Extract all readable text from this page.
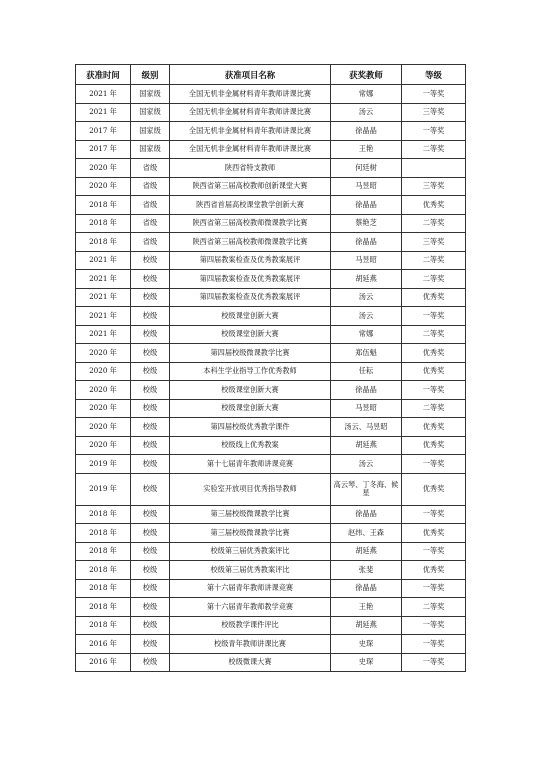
获准时间	级别	获准项目名称	获奖教师	等级
2021 年	国家级	全国无机非金属材料青年教师讲课比赛	常娜	一等奖
2021 年	国家级	全国无机非金属材料青年教师讲课比赛	汤云	三等奖
2017 年	国家级	全国无机非金属材料青年教师讲课比赛	徐晶晶	一等奖
2017 年	国家级	全国无机非金属材料青年教师讲课比赛	王艳	二等奖
2020 年	省级	陕西省特支教师	何廷树	
2020 年	省级	陕西省第三届高校教师创新课堂大赛	马昱昭	三等奖
2018 年	省级	陕西省首届高校课堂教学创新大赛	徐晶晶	优秀奖
2018 年	省级	陕西省第三届高校教师微课教学比赛	蔡艳芝	二等奖
2018 年	省级	陕西省第三届高校教师微课教学比赛	徐晶晶	三等奖
2021 年	校级	第四届教案检查及优秀教案展评	马昱昭	二等奖
2021 年	校级	第四届教案检查及优秀教案展评	胡延燕	二等奖
2021 年	校级	第四届教案检查及优秀教案展评	汤云	优秀奖
2021 年	校级	校级课堂创新大赛	汤云	一等奖
2021 年	校级	校级课堂创新大赛	常娜	二等奖
2020 年	校级	第四届校级微课教学比赛	郑伍魁	优秀奖
2020 年	校级	本科生学业指导工作优秀教师	任耘	优秀奖
2020 年	校级	校级课堂创新大赛	徐晶晶	一等奖
2020 年	校级	校级课堂创新大赛	马昱昭	二等奖
2020 年	校级	第四届校级优秀教学课件	汤云、马昱昭	优秀奖
2020 年	校级	校级线上优秀教案	胡延燕	优秀奖
2019 年	校级	第十七届青年教师讲课竞赛	汤云	一等奖
2019 年	校级	实验室开放项目优秀指导教师	高云琴、丁冬海、候星	优秀奖
2018 年	校级	第三届校级微课教学比赛	徐晶晶	一等奖
2018 年	校级	第三届校级微课教学比赛	赵纬、王森	优秀奖
2018 年	校级	校级第三届优秀教案评比	胡延燕	一等奖
2018 年	校级	校级第三届优秀教案评比	张斐	优秀奖
2018 年	校级	第十六届青年教师讲课竞赛	徐晶晶	一等奖
2018 年	校级	第十六届青年教师教学竞赛	王艳	二等奖
2018 年	校级	校级教学课件评比	胡延燕	一等奖
2016 年	校级	校级青年教师讲课比赛	史琛	一等奖
2016 年	校级	校级微课大赛	史琛	一等奖
